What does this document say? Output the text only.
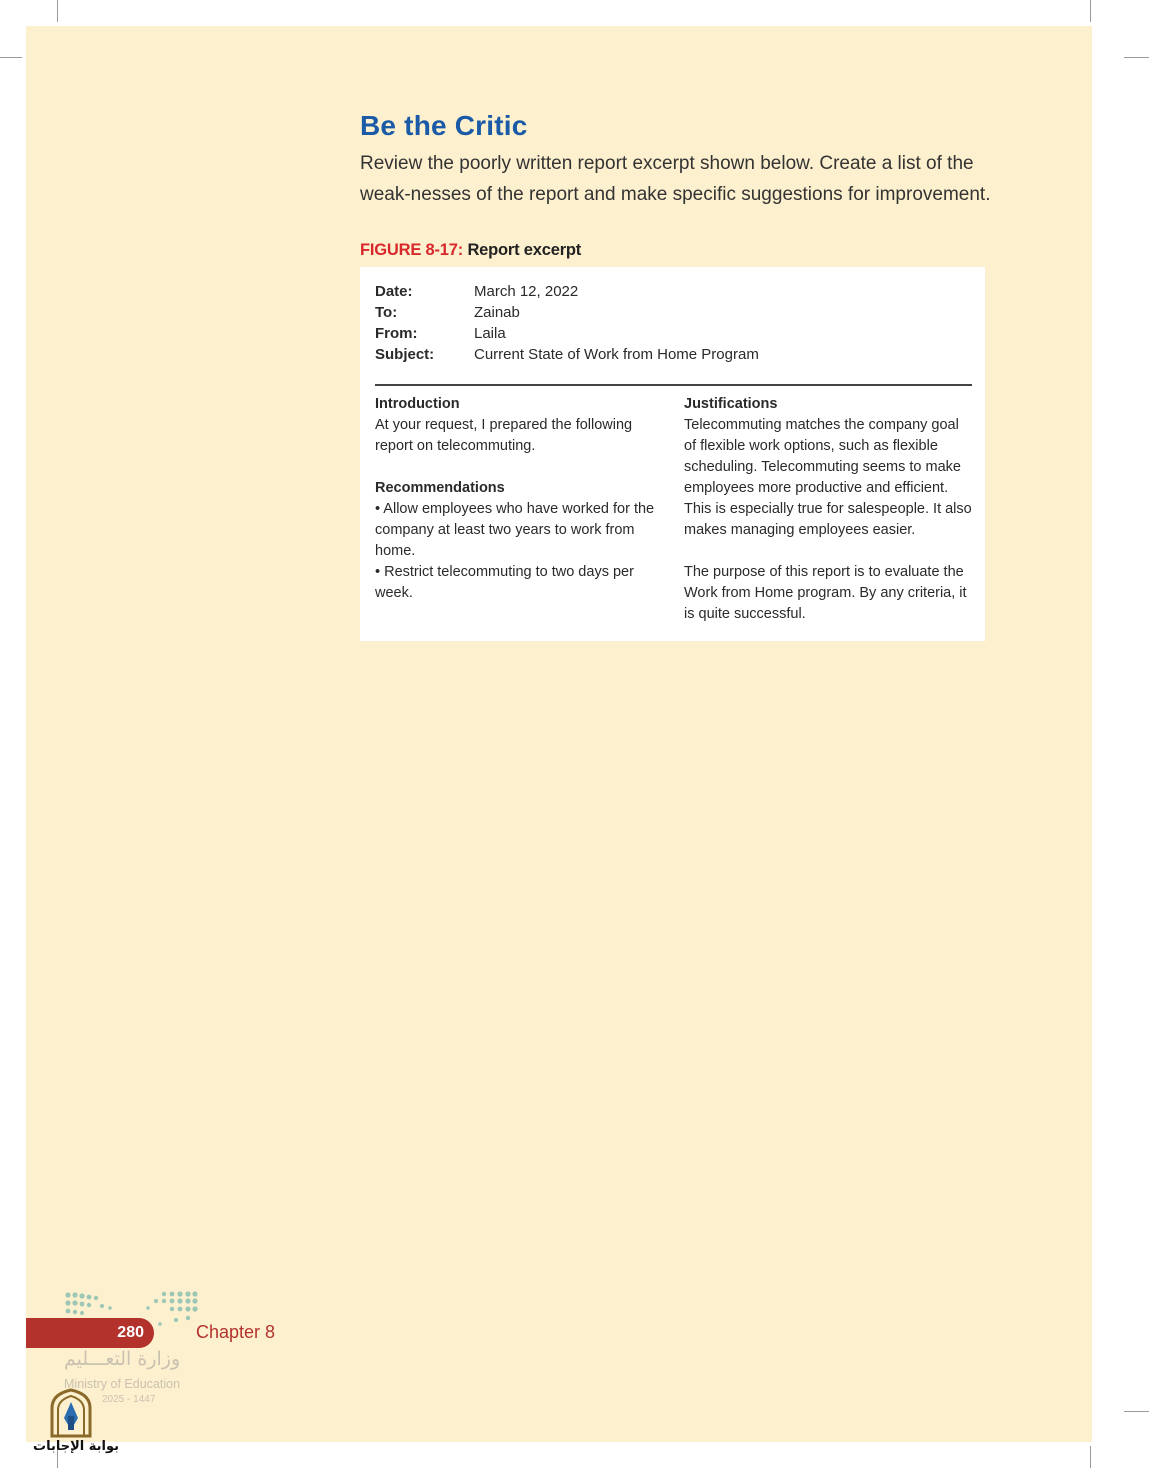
Be the Critic
Review the poorly written report excerpt shown below. Create a list of the weak-nesses of the report and make specific suggestions for improvement.
FIGURE 8-17: Report excerpt
Date:	March 12, 2022
To:	Zainab
From:	Laila
Subject:	Current State of Work from Home Program

Introduction

At your request, I prepared the following report on telecommuting.

Recommendations

• Allow employees who have worked for the company at least two years to work from home.

• Restrict telecommuting to two days per week.

Justifications

Telecommuting matches the company goal of flexible work options, such as flexible scheduling. Telecommuting seems to make employees more productive and efficient. This is especially true for salespeople. It also makes managing employees easier.

The purpose of this report is to evaluate the Work from Home program. By any criteria, it is quite successful.

280	Chapter 8
وزارة التعـــليم
Ministry of Education
2025 - 1447
بوابة الإجابات
